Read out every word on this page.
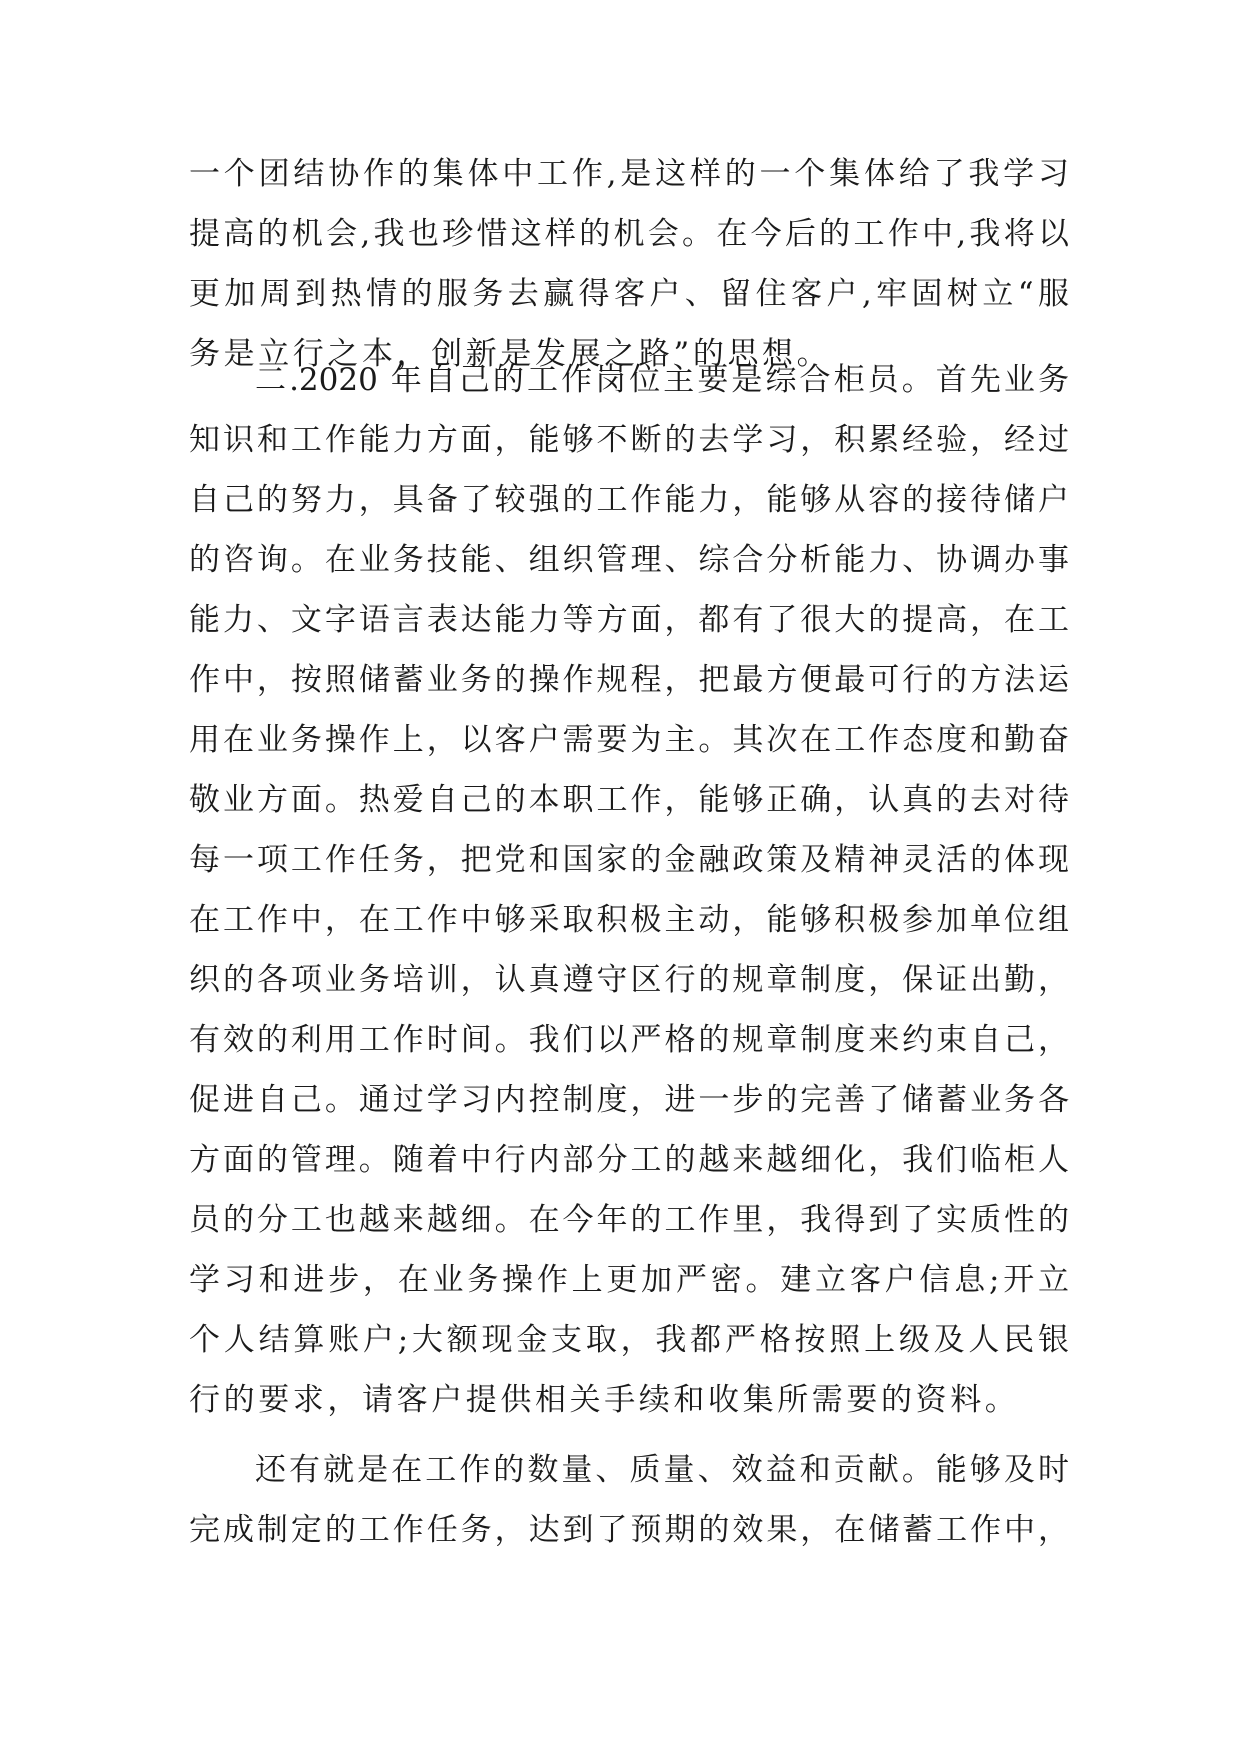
一个团结协作的集体中工作,是这样的一个集体给了我学习
提高的机会,我也珍惜这样的机会。在今后的工作中,我将以
更加周到热情的服务去赢得客户、留住客户,牢固树立“服
务是立行之本，创新是发展之路”的思想。
二.2020 年自己的工作岗位主要是综合柜员。首先业务
知识和工作能力方面，能够不断的去学习，积累经验，经过
自己的努力，具备了较强的工作能力，能够从容的接待储户
的咨询。在业务技能、组织管理、综合分析能力、协调办事
能力、文字语言表达能力等方面，都有了很大的提高，在工
作中，按照储蓄业务的操作规程，把最方便最可行的方法运
用在业务操作上，以客户需要为主。其次在工作态度和勤奋
敬业方面。热爱自己的本职工作，能够正确，认真的去对待
每一项工作任务，把党和国家的金融政策及精神灵活的体现
在工作中，在工作中够采取积极主动，能够积极参加单位组
织的各项业务培训，认真遵守区行的规章制度，保证出勤，
有效的利用工作时间。我们以严格的规章制度来约束自己，
促进自己。通过学习内控制度，进一步的完善了储蓄业务各
方面的管理。随着中行内部分工的越来越细化，我们临柜人
员的分工也越来越细。在今年的工作里，我得到了实质性的
学习和进步，在业务操作上更加严密。建立客户信息;开立
个人结算账户;大额现金支取，我都严格按照上级及人民银
行的要求，请客户提供相关手续和收集所需要的资料。
还有就是在工作的数量、质量、效益和贡献。能够及时
完成制定的工作任务，达到了预期的效果，在储蓄工作中，
